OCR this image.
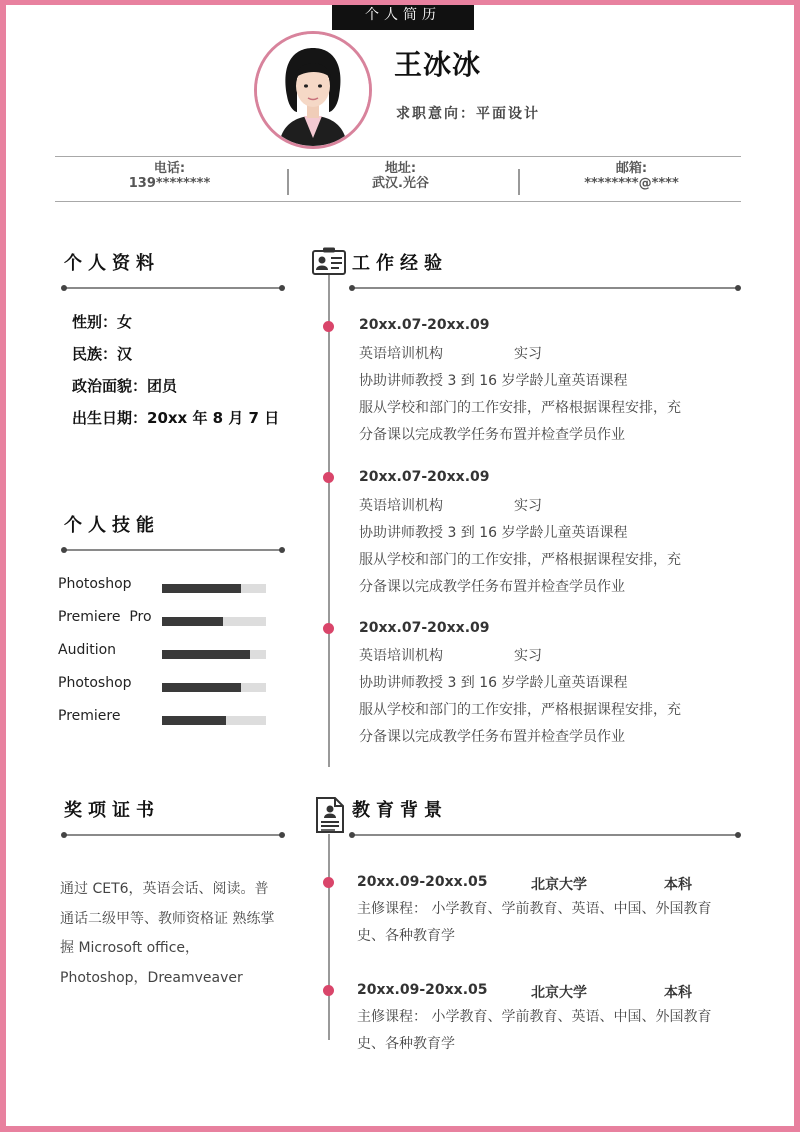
个人简历
王冰冰
求职意向：平面设计
电话:
139********
地址:
武汉.光谷
邮箱:
********@****
个人资料
性别：女
民族：汉
政治面貌：团员
出生日期：20xx 年 8 月 7 日
个人技能
Photoshop
Premiere  Pro
Audition
Photoshop
Premiere
奖项证书
通过 CET6，英语会话、阅读。普通话二级甲等、教师资格证 熟练掌握 Microsoft office，Photoshop，Dreamveaver
工作经验
20xx.07-20xx.09
英语培训机构	实习
协助讲师教授 3 到 16 岁学龄儿童英语课程
服从学校和部门的工作安排，严格根据课程安排，充
分备课以完成教学任务布置并检查学员作业
20xx.07-20xx.09
英语培训机构	实习
协助讲师教授 3 到 16 岁学龄儿童英语课程
服从学校和部门的工作安排，严格根据课程安排，充
分备课以完成教学任务布置并检查学员作业
20xx.07-20xx.09
英语培训机构	实习
协助讲师教授 3 到 16 岁学龄儿童英语课程
服从学校和部门的工作安排，严格根据课程安排，充
分备课以完成教学任务布置并检查学员作业
教育背景
20xx.09-20xx.05	北京大学	本科
主修课程： 小学教育、学前教育、英语、中国、外国教育史、各种教育学
20xx.09-20xx.05	北京大学	本科
主修课程： 小学教育、学前教育、英语、中国、外国教育史、各种教育学
